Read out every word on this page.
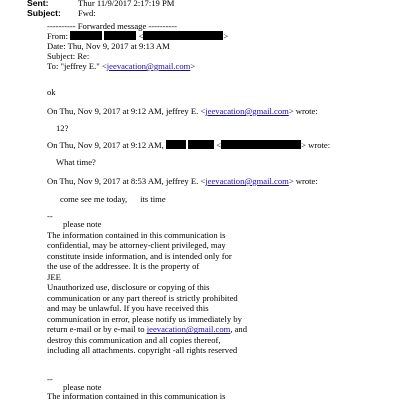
Sent:	Thur 11/9/2017 2:17:19 PM
Subject: Fwd:
---------- Forwarded message ----------
From:	<	>
Date: Thu, Nov 9, 2017 at 9:13 AM
Subject: Re:
To: "jeffrey E." <jeevacation@gmail.com>
ok
On Thu, Nov 9, 2017 at 9:12 AM, jeffrey E. <jeevacation@gmail.com> wrote:
12?
On Thu, Nov 9, 2017 at 9:12 AM,	<	> wrote:
What time?
On Thu, Nov 9, 2017 at 8:53 AM, jeffrey E. <jeevacation@gmail.com> wrote:
come see me today,      its time
--
please note
The information contained in this communication is
confidential, may be attorney-client privileged, may
constitute inside information, and is intended only for
the use of the addressee. It is the property of
JEE
Unauthorized use, disclosure or copying of this
communication or any part thereof is strictly prohibited
and may be unlawful. If you have received this
communication in error, please notify us immediately by
return e-mail or by e-mail to jeevacation@gmail.com, and
destroy this communication and all copies thereof,
including all attachments. copyright -all rights reserved
--
please note
The information contained in this communication is
